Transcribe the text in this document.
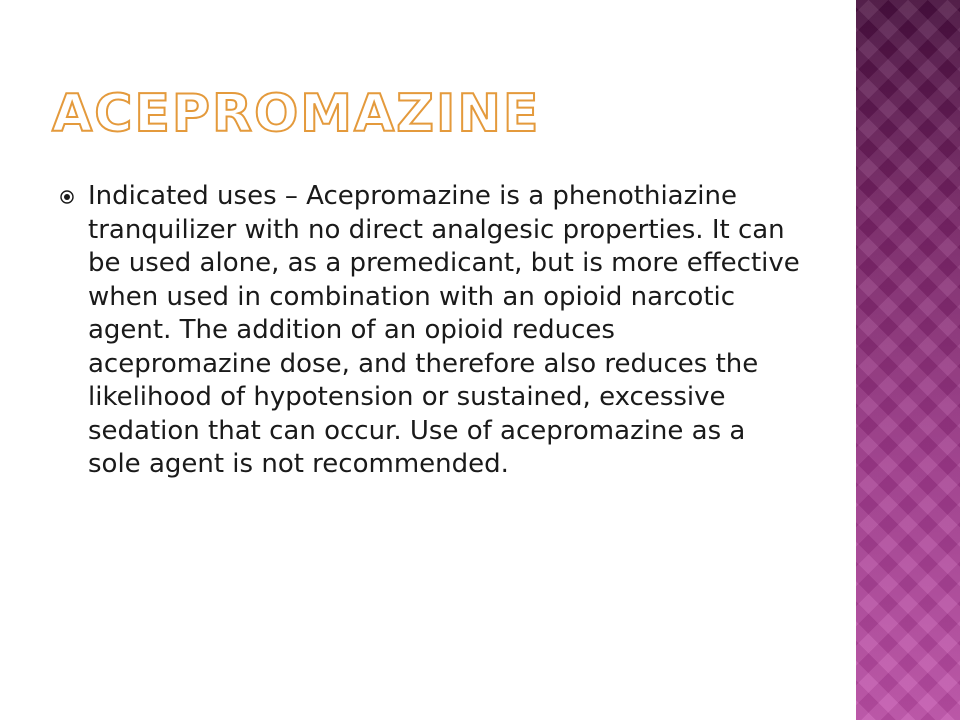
ACEPROMAZINE

Indicated uses – Acepromazine is a phenothiazine tranquilizer with no direct analgesic properties. It can be used alone, as a premedicant, but is more effective when used in combination with an opioid narcotic agent. The addition of an opioid reduces acepromazine dose, and therefore also reduces the likelihood of hypotension or sustained, excessive sedation that can occur. Use of acepromazine as a sole agent is not recommended.
